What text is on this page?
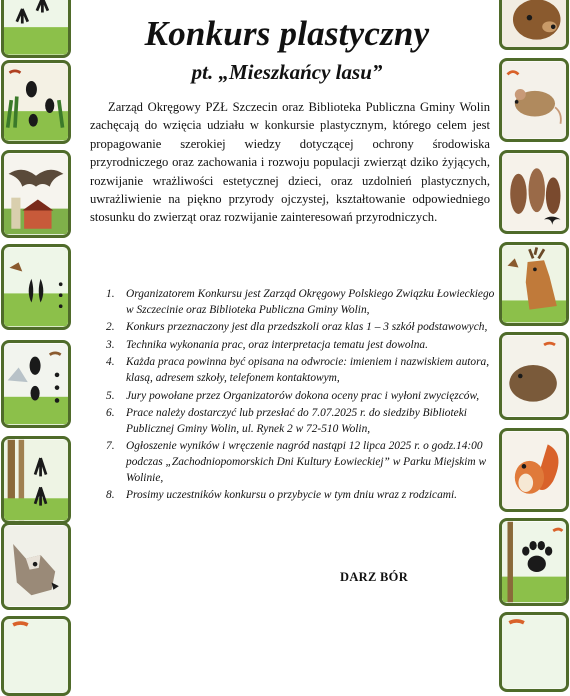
Konkurs plastyczny
pt. „Mieszkańcy lasu”

Zarząd Okręgowy PZŁ Szczecin oraz Biblioteka Publiczna Gminy Wolin zachęcają do wzięcia udziału w konkursie plastycznym, którego celem jest propagowanie szerokiej wiedzy dotyczącej ochrony środowiska przyrodniczego oraz zachowania i rozwoju populacji zwierząt dziko żyjących, rozwijanie wrażliwości estetycznej dzieci, oraz uzdolnień plastycznych, uwrażliwienie na piękno przyrody ojczystej, kształtowanie odpowiedniego stosunku do zwierząt oraz rozwijanie zainteresowań przyrodniczych.

1. Organizatorem Konkursu jest Zarząd Okręgowy Polskiego Związku Łowieckiego w Szczecinie oraz Biblioteka Publiczna Gminy Wolin,
2. Konkurs przeznaczony jest dla przedszkoli oraz klas 1 – 3 szkół podstawowych,
3. Technika wykonania prac, oraz interpretacja tematu jest dowolna.
4. Każda praca powinna być opisana na odwrocie: imieniem i nazwiskiem autora, klasą, adresem szkoły, telefonem kontaktowym,
5. Jury powołane przez Organizatorów dokona oceny prac i wyłoni zwycięzców,
6. Prace należy dostarczyć lub przesłać do 7.07.2025 r. do siedziby Biblioteki Publicznej Gminy Wolin, ul. Rynek 2 w 72-510 Wolin,
7. Ogłoszenie wyników i wręczenie nagród nastąpi 12 lipca 2025 r. o godz.14:00 podczas „Zachodniopomorskich Dni Kultury Łowieckiej” w Parku Miejskim w Wolinie,
8. Prosimy uczestników konkursu o przybycie w tym dniu wraz z rodzicami.
DARZ BÓR
